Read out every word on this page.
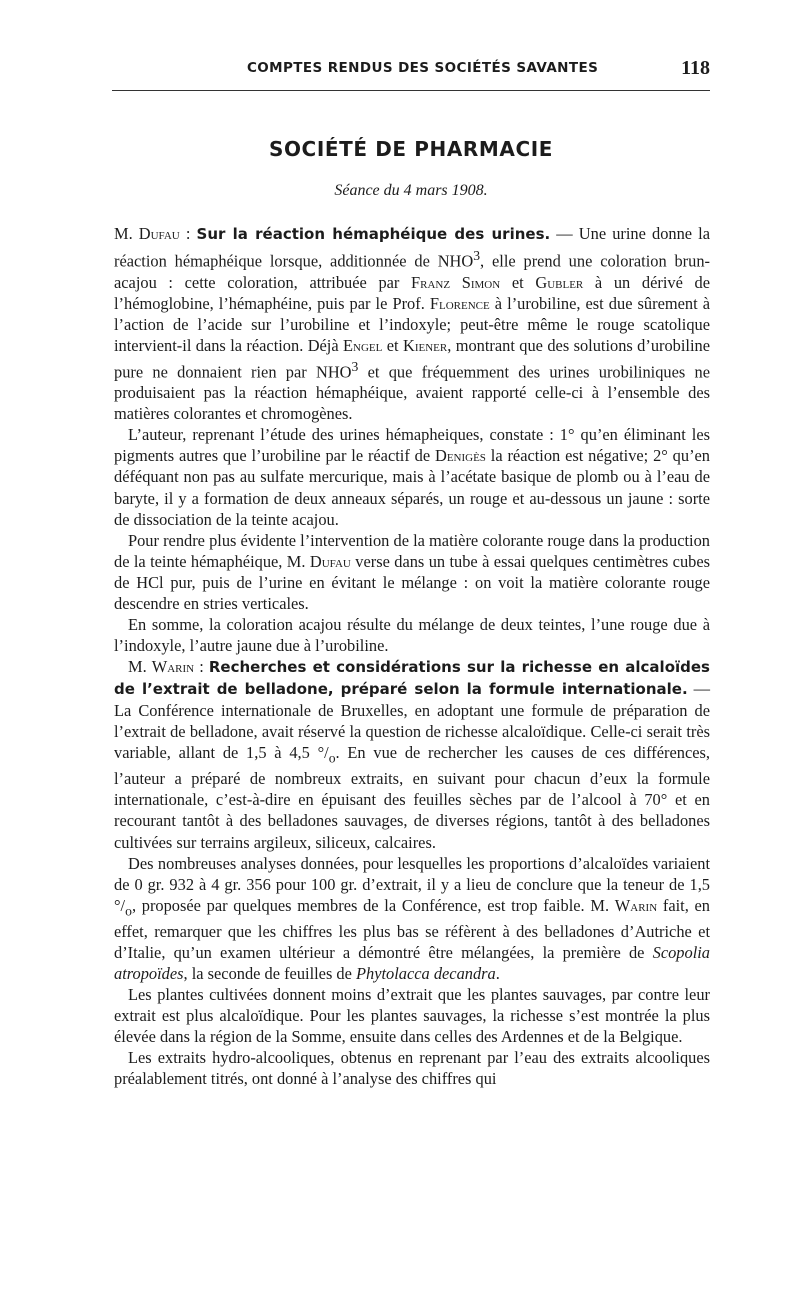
COMPTES RENDUS DES SOCIÉTÉS SAVANTES	118
SOCIÉTÉ DE PHARMACIE
Séance du 4 mars 1908.

M. Dufau : Sur la réaction hémaphéique des urines. — Une urine donne la réaction hémaphéique lorsque, additionnée de NHO$^3$, elle prend une coloration brun-acajou : cette coloration, attribuée par Franz Simon et Gubler à un dérivé de l’hémoglobine, l’hémaphéine, puis par le Prof. Florence à l’urobiline, est due sûrement à l’action de l’acide sur l’urobiline et l’indoxyle; peut-être même le rouge scatolique intervient-il dans la réaction. Déjà Engel et Kiener, montrant que des solutions d’urobiline pure ne donnaient rien par NHO$^3$ et que fréquemment des urines urobiliniques ne produisaient pas la réaction hémaphéique, avaient rapporté celle-ci à l’ensemble des matières colorantes et chromogènes.

L’auteur, reprenant l’étude des urines hémapheiques, constate : 1° qu’en éliminant les pigments autres que l’urobiline par le réactif de Denigès la réaction est négative; 2° qu’en déféquant non pas au sulfate mercurique, mais à l’acétate basique de plomb ou à l’eau de baryte, il y a formation de deux anneaux séparés, un rouge et au-dessous un jaune : sorte de dissociation de la teinte acajou.

Pour rendre plus évidente l’intervention de la matière colorante rouge dans la production de la teinte hémaphéique, M. Dufau verse dans un tube à essai quelques centimètres cubes de HCl pur, puis de l’urine en évitant le mélange : on voit la matière colorante rouge descendre en stries verticales.

En somme, la coloration acajou résulte du mélange de deux teintes, l’une rouge due à l’indoxyle, l’autre jaune due à l’urobiline.

M. Warin : Recherches et considérations sur la richesse en alcaloïdes de l’extrait de belladone, préparé selon la formule internationale. — La Conférence internationale de Bruxelles, en adoptant une formule de préparation de l’extrait de belladone, avait réservé la question de richesse alcaloïdique. Celle-ci serait très variable, allant de 1,5 à 4,5 $^\circ/_o$. En vue de rechercher les causes de ces différences, l’auteur a préparé de nombreux extraits, en suivant pour chacun d’eux la formule internationale, c’est-à-dire en épuisant des feuilles sèches par de l’alcool à 70° et en recourant tantôt à des belladones sauvages, de diverses régions, tantôt à des belladones cultivées sur terrains argileux, siliceux, calcaires.

Des nombreuses analyses données, pour lesquelles les proportions d’alcaloïdes variaient de 0 gr. 932 à 4 gr. 356 pour 100 gr. d’extrait, il y a lieu de conclure que la teneur de 1,5 $^\circ/_o$, proposée par quelques membres de la Conférence, est trop faible. M. Warin fait, en effet, remarquer que les chiffres les plus bas se réfèrent à des belladones d’Autriche et d’Italie, qu’un examen ultérieur a démontré être mélangées, la première de Scopolia atropoïdes, la seconde de feuilles de Phytolacca decandra.

Les plantes cultivées donnent moins d’extrait que les plantes sauvages, par contre leur extrait est plus alcaloïdique. Pour les plantes sauvages, la richesse s’est montrée la plus élevée dans la région de la Somme, ensuite dans celles des Ardennes et de la Belgique.

Les extraits hydro-alcooliques, obtenus en reprenant par l’eau des extraits alcooliques préalablement titrés, ont donné à l’analyse des chiffres qui
